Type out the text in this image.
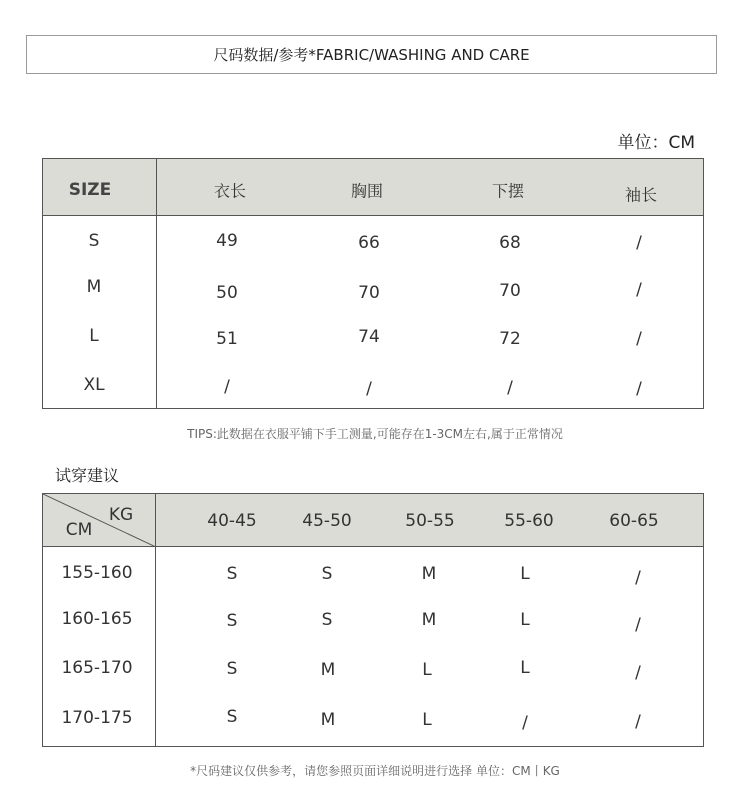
尺码数据/参考*FABRIC/WASHING AND CARE
单位：CM
SIZE	衣长	胸围	下摆	袖长
S	49	66	68	/
M	50	70	70	/
L	51	74	72	/
XL	/	/	/	/
TIPS:此数据在衣服平铺下手工测量,可能存在1-3CM左右,属于正常情况
试穿建议
KG
CM	40-45	45-50	50-55	55-60	60-65
155-160	S	S	M	L	/
160-165	S	S	M	L	/
165-170	S	M	L	L	/
170-175	S	M	L	/	/
*尺码建议仅供参考，请您参照页面详细说明进行选择 单位：CM丨KG
